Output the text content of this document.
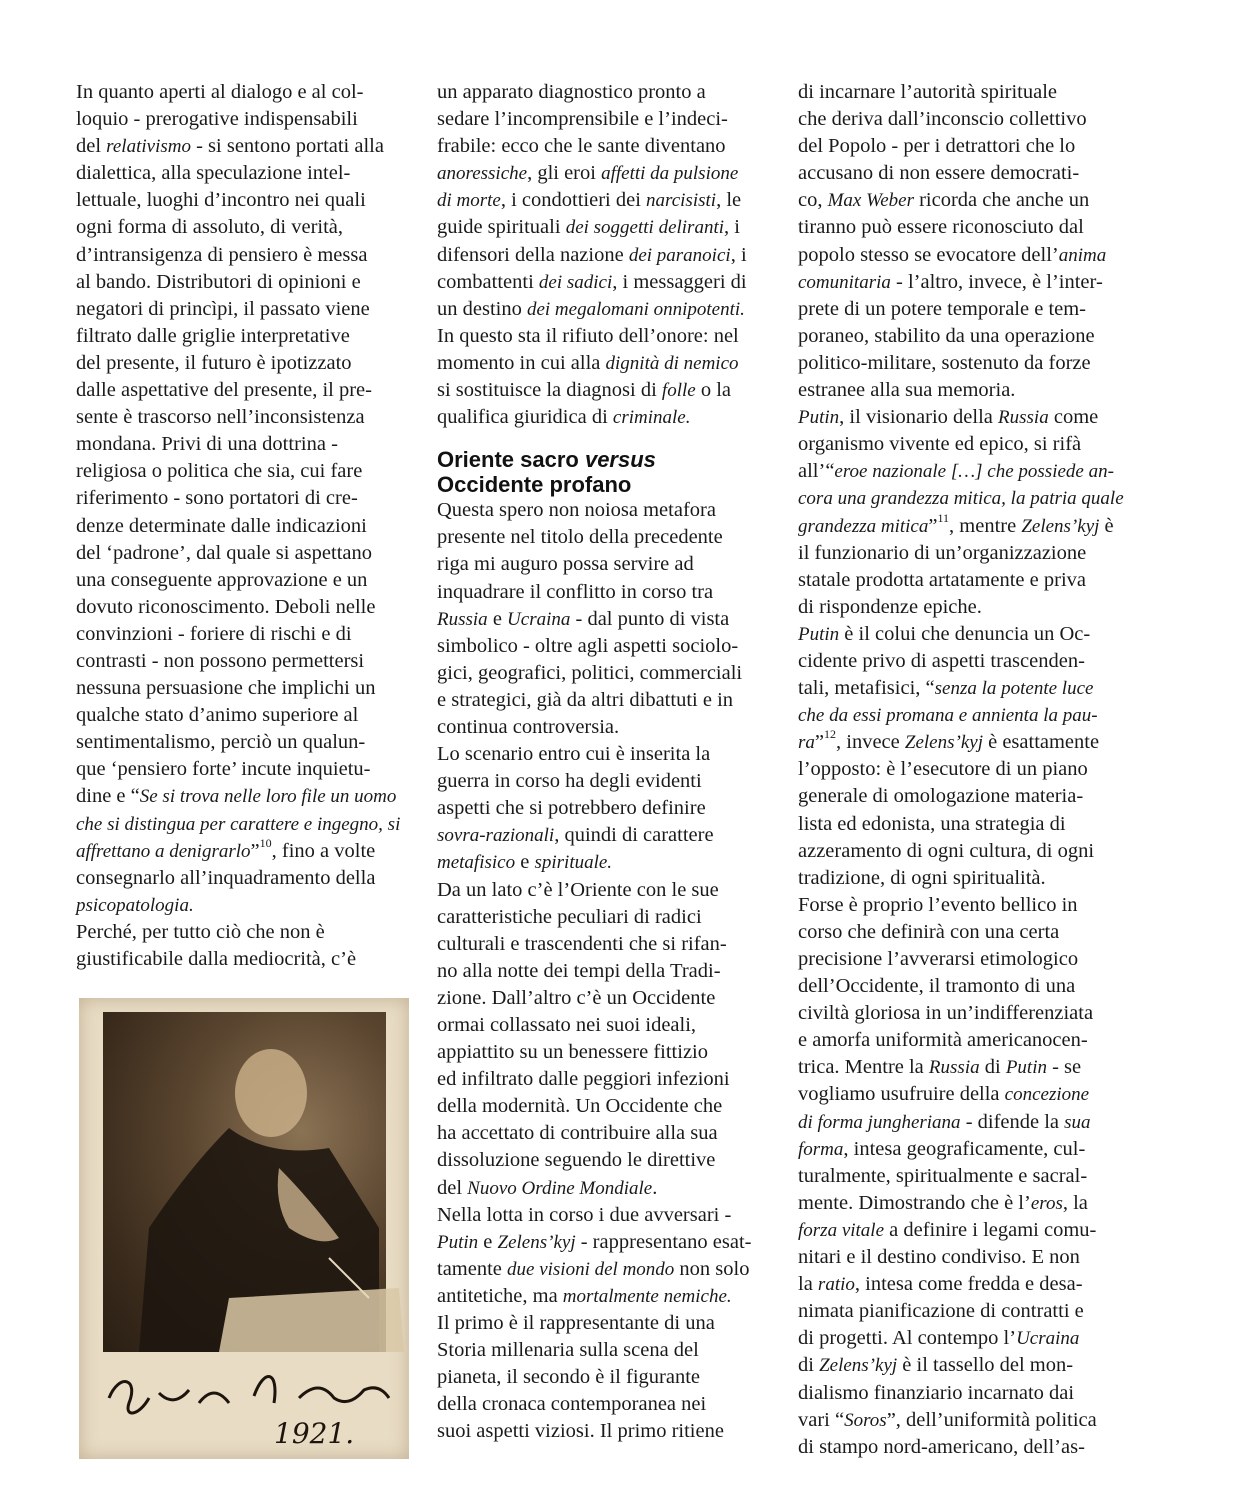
In quanto aperti al dialogo e al col-
loquio - prerogative indispensabili
del relativismo - si sentono portati alla
dialettica, alla speculazione intel-
lettuale, luoghi d’incontro nei quali
ogni forma di assoluto, di verità,
d’intransigenza di pensiero è messa
al bando. Distributori di opinioni e
negatori di princìpi, il passato viene
filtrato dalle griglie interpretative
del presente, il futuro è ipotizzato
dalle aspettative del presente, il pre-
sente è trascorso nell’inconsistenza
mondana. Privi di una dottrina -
religiosa o politica che sia, cui fare
riferimento - sono portatori di cre-
denze determinate dalle indicazioni
del ‘padrone’, dal quale si aspettano
una conseguente approvazione e un
dovuto riconoscimento. Deboli nelle
convinzioni - foriere di rischi e di
contrasti - non possono permettersi
nessuna persuasione che implichi un
qualche stato d’animo superiore al
sentimentalismo, perciò un qualun-
que ‘pensiero forte’ incute inquietu-
dine e “Se si trova nelle loro file un uomo
che si distingua per carattere e ingegno, si
affrettano a denigrarlo”$^{10}$, fino a volte
consegnarlo all’inquadramento della
psicopatologia.
Perché, per tutto ciò che non è
giustificabile dalla mediocrità, c’è
un apparato diagnostico pronto a
sedare l’incomprensibile e l’indeci-
frabile: ecco che le sante diventano
anoressiche, gli eroi affetti da pulsione
di morte, i condottieri dei narcisisti, le
guide spirituali dei soggetti deliranti, i
difensori della nazione dei paranoici, i
combattenti dei sadici, i messaggeri di
un destino dei megalomani onnipotenti.
In questo sta il rifiuto dell’onore: nel
momento in cui alla dignità di nemico
si sostituisce la diagnosi di folle o la
qualifica giuridica di criminale.
Oriente sacro versus
Occidente profano
Questa spero non noiosa metafora
presente nel titolo della precedente
riga mi auguro possa servire ad
inquadrare il conflitto in corso tra
Russia e Ucraina - dal punto di vista
simbolico - oltre agli aspetti sociolo-
gici, geografici, politici, commerciali
e strategici, già da altri dibattuti e in
continua controversia.
Lo scenario entro cui è inserita la
guerra in corso ha degli evidenti
aspetti che si potrebbero definire
sovra-razionali, quindi di carattere
metafisico e spirituale.
Da un lato c’è l’Oriente con le sue
caratteristiche peculiari di radici
culturali e trascendenti che si rifan-
no alla notte dei tempi della Tradi-
zione. Dall’altro c’è un Occidente
ormai collassato nei suoi ideali,
appiattito su un benessere fittizio
ed infiltrato dalle peggiori infezioni
della modernità. Un Occidente che
ha accettato di contribuire alla sua
dissoluzione seguendo le direttive
del Nuovo Ordine Mondiale.
Nella lotta in corso i due avversari -
Putin e Zelens’kyj - rappresentano esat-
tamente due visioni del mondo non solo
antitetiche, ma mortalmente nemiche.
Il primo è il rappresentante di una
Storia millenaria sulla scena del
pianeta, il secondo è il figurante
della cronaca contemporanea nei
suoi aspetti viziosi. Il primo ritiene
di incarnare l’autorità spirituale
che deriva dall’inconscio collettivo
del Popolo - per i detrattori che lo
accusano di non essere democrati-
co, Max Weber ricorda che anche un
tiranno può essere riconosciuto dal
popolo stesso se evocatore dell’anima
comunitaria - l’altro, invece, è l’inter-
prete di un potere temporale e tem-
poraneo, stabilito da una operazione
politico-militare, sostenuto da forze
estranee alla sua memoria.
Putin, il visionario della Russia come
organismo vivente ed epico, si rifà
all’“eroe nazionale […] che possiede an-
cora una grandezza mitica, la patria quale
grandezza mitica”$^{11}$, mentre Zelens’kyj è
il funzionario di un’organizzazione
statale prodotta artatamente e priva
di rispondenze epiche.
Putin è il colui che denuncia un Oc-
cidente privo di aspetti trascenden-
tali, metafisici, “senza la potente luce
che da essi promana e annienta la pau-
ra”$^{12}$, invece Zelens’kyj è esattamente
l’opposto: è l’esecutore di un piano
generale di omologazione materia-
lista ed edonista, una strategia di
azzeramento di ogni cultura, di ogni
tradizione, di ogni spiritualità.
Forse è proprio l’evento bellico in
corso che definirà con una certa
precisione l’avverarsi etimologico
dell’Occidente, il tramonto di una
civiltà gloriosa in un’indifferenziata
e amorfa uniformità americanocen-
trica. Mentre la Russia di Putin - se
vogliamo usufruire della concezione
di forma jungheriana - difende la sua
forma, intesa geograficamente, cul-
turalmente, spiritualmente e sacral-
mente. Dimostrando che è l’eros, la
forza vitale a definire i legami comu-
nitari e il destino condiviso. E non
la ratio, intesa come fredda e desa-
nimata pianificazione di contratti e
di progetti. Al contempo l’Ucraina
di Zelens’kyj è il tassello del mon-
dialismo finanziario incarnato dai
vari “Soros”, dell’uniformità politica
di stampo nord-americano, dell’as-
1921.
